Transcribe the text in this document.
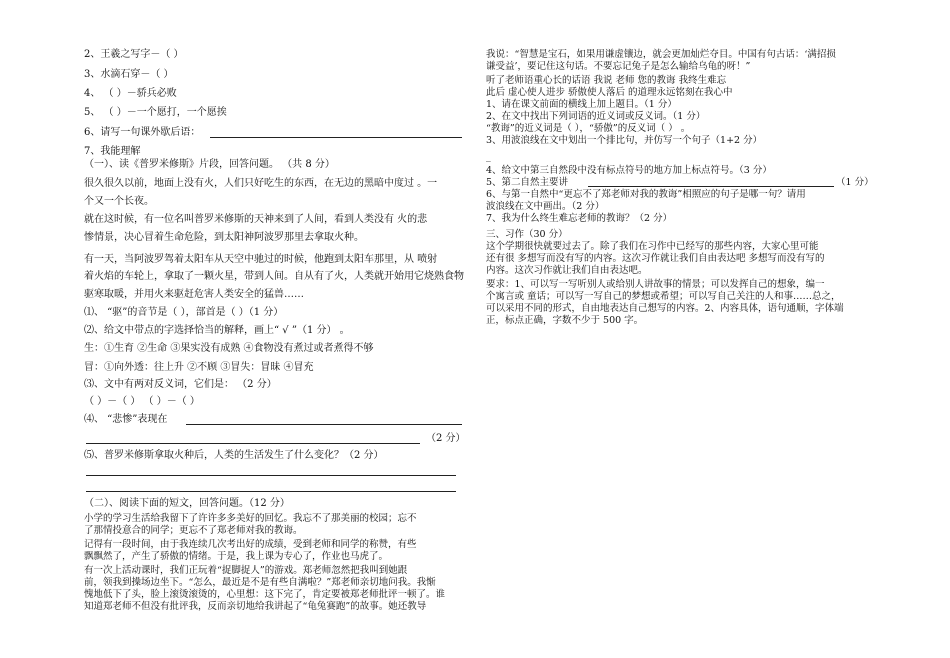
2、王羲之写字－（ ）
3、水滴石穿－（ ）
4、 （ ）－骄兵必败
5、 （ ）－一个愿打，一个愿挨
6、请写一句课外歇后语：
7、我能理解
（一）、读《普罗米修斯》片段，回答问题。 （共 8 分）
很久很久以前，地面上没有火，人们只好吃生的东西，在无边的黑暗中度过 。一
个又一个长夜。
就在这时候，有一位名叫普罗米修斯的天神来到了人间，看到人类没有 火的悲
惨情景，决心冒着生命危险，到太阳神阿波罗那里去拿取火种。
有一天，当阿波罗驾着太阳车从天空中驰过的时候，他跑到太阳车那里，从 喷射
着火焰的车轮上，拿取了一颗火星，带到人间。自从有了火，人类就开始用它烧熟食物
驱寒取暖，并用火来驱赶危害人类安全的猛兽……
⑴、 “驱”的音节是（ ），部首是（ ）（1 分）
⑵、给文中带点的字选择恰当的解释，画上“ √ ”（1 分） 。
生：①生育 ②生命 ③果实没有成熟 ④食物没有煮过或者煮得不够
冒：①向外透：往上升 ②不顾 ③冒失：冒昧 ④冒充
⑶、文中有两对反义词，它们是： （2 分）
（ ）－（ ） （ ）－（ ）
⑷、 “悲惨”表现在
（2 分）
⑸、普罗米修斯拿取火种后，人类的生活发生了什么变化？（2 分）
（二）、阅读下面的短文，回答问题。（12 分）
小学的学习生活给我留下了许许多多美好的回忆。我忘不了那美丽的校园；忘不
了那情投意合的同学；更忘不了郑老师对我的教诲。
记得有一段时间，由于我连续几次考出好的成绩，受到老师和同学的称赞，有些
飘飘然了，产生了骄傲的情绪。于是，我上课为专心了，作业也马虎了。
有一次上活动课时，我们正玩着“捉脚捉人”的游戏。郑老师忽然把我叫到她跟
前，领我到操场边坐下。“怎么，最近是不是有些自满啦？”郑老师亲切地问我。我惭
愧地低下了头，脸上滚烫滚烫的，心里想：这下完了，肯定要被郑老师批评一顿了。谁
知道郑老师不但没有批评我，反而亲切地给我讲起了“龟兔赛跑”的故事。她还教导
我说：“智慧是宝石，如果用谦虚镶边，就会更加灿烂夺目。中国有句古话：‘满招损
谦受益’，要记住这句话。不要忘记兔子是怎么输给乌龟的呀！”
听了老师语重心长的话语 我说 老师 您的教诲 我终生难忘
此后 虚心使人进步 骄傲使人落后 的道理永远铭刻在我心中
1、请在课文前面的横线上加上题目。（1 分）
2、在文中找出下列词语的近义词或反义词。（1 分）
“教诲”的近义词是（ ），“骄傲”的反义词（ ） 。
3、用波浪线在文中划出一个排比句，并仿写一个句子（1+2 分）
_
4、给文中第三自然段中没有标点符号的地方加上标点符号。（3 分）
5、第二自然主要讲	（1 分）
6、与第一自然中“更忘不了郑老师对我的教诲”相照应的句子是哪一句？请用
波浪线在文中画出。（2 分）
7、我为什么终生难忘老师的教诲？（2 分）
三、习作（30 分）
这个学期很快就要过去了。除了我们在习作中已经写的那些内容，大家心里可能
还有很 多想写而没有写的内容。这次习作就让我们自由表达吧 多想写而没有写的
内容。这次习作就让我们自由表达吧。
要求：1、可以写一写听别人或给别人讲故事的情景；可以发挥自己的想象，编一
个寓言或 童话；可以写一写自己的梦想或希望；可以写自己关注的人和事……总之，
可以采用不同的形式，自由地表达自己想写的内容。2、内容具体，语句通顺，字体端
正，标点正确，字数不少于 500 字。
